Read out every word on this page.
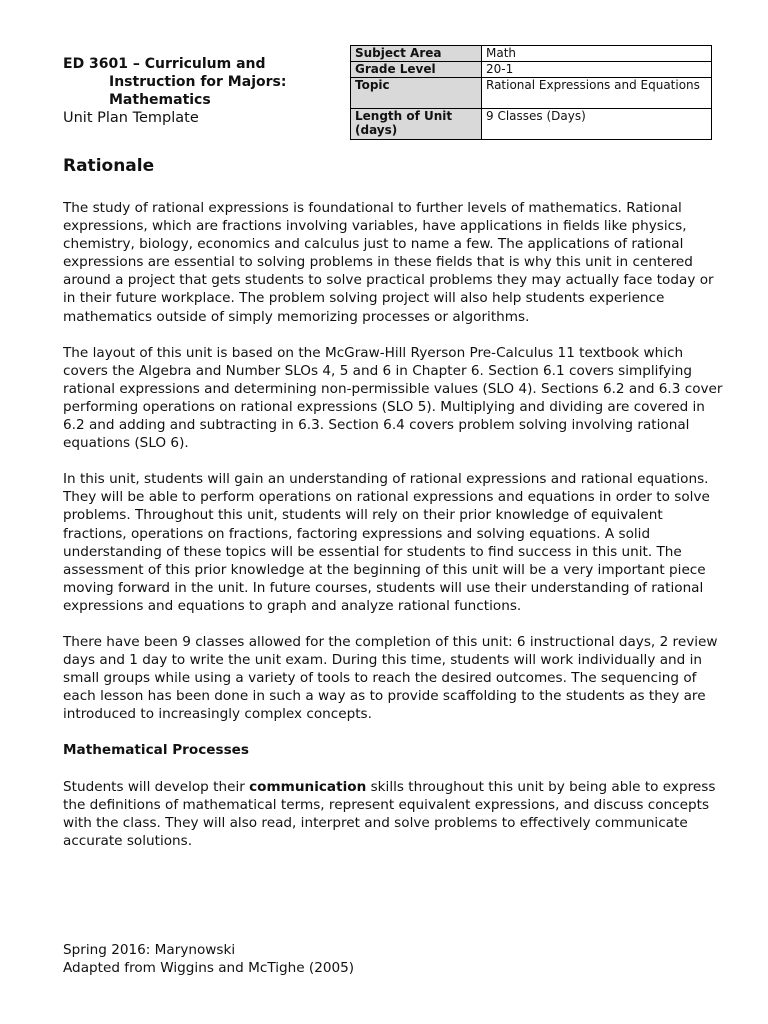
ED 3601 – Curriculum and
Instruction for Majors:
Mathematics
Unit Plan Template
Subject Area	Math
Grade Level	20-1
Topic	Rational Expressions and Equations
Length of Unit (days)	9 Classes (Days)
Rationale

The study of rational expressions is foundational to further levels of mathematics. Rational expressions, which are fractions involving variables, have applications in fields like physics, chemistry, biology, economics and calculus just to name a few. The applications of rational expressions are essential to solving problems in these fields that is why this unit in centered around a project that gets students to solve practical problems they may actually face today or in their future workplace. The problem solving project will also help students experience mathematics outside of simply memorizing processes or algorithms.

The layout of this unit is based on the McGraw-Hill Ryerson Pre-Calculus 11 textbook which covers the Algebra and Number SLOs 4, 5 and 6 in Chapter 6. Section 6.1 covers simplifying rational expressions and determining non-permissible values (SLO 4). Sections 6.2 and 6.3 cover performing operations on rational expressions (SLO 5). Multiplying and dividing are covered in 6.2 and adding and subtracting in 6.3. Section 6.4 covers problem solving involving rational equations (SLO 6).

In this unit, students will gain an understanding of rational expressions and rational equations. They will be able to perform operations on rational expressions and equations in order to solve problems. Throughout this unit, students will rely on their prior knowledge of equivalent fractions, operations on fractions, factoring expressions and solving equations. A solid understanding of these topics will be essential for students to find success in this unit. The assessment of this prior knowledge at the beginning of this unit will be a very important piece moving forward in the unit. In future courses, students will use their understanding of rational expressions and equations to graph and analyze rational functions.

There have been 9 classes allowed for the completion of this unit: 6 instructional days, 2 review days and 1 day to write the unit exam. During this time, students will work individually and in small groups while using a variety of tools to reach the desired outcomes. The sequencing of each lesson has been done in such a way as to provide scaffolding to the students as they are introduced to increasingly complex concepts.

Mathematical Processes

Students will develop their communication skills throughout this unit by being able to express the definitions of mathematical terms, represent equivalent expressions, and discuss concepts with the class. They will also read, interpret and solve problems to effectively communicate accurate solutions.

Spring 2016: Marynowski
Adapted from Wiggins and McTighe (2005)
